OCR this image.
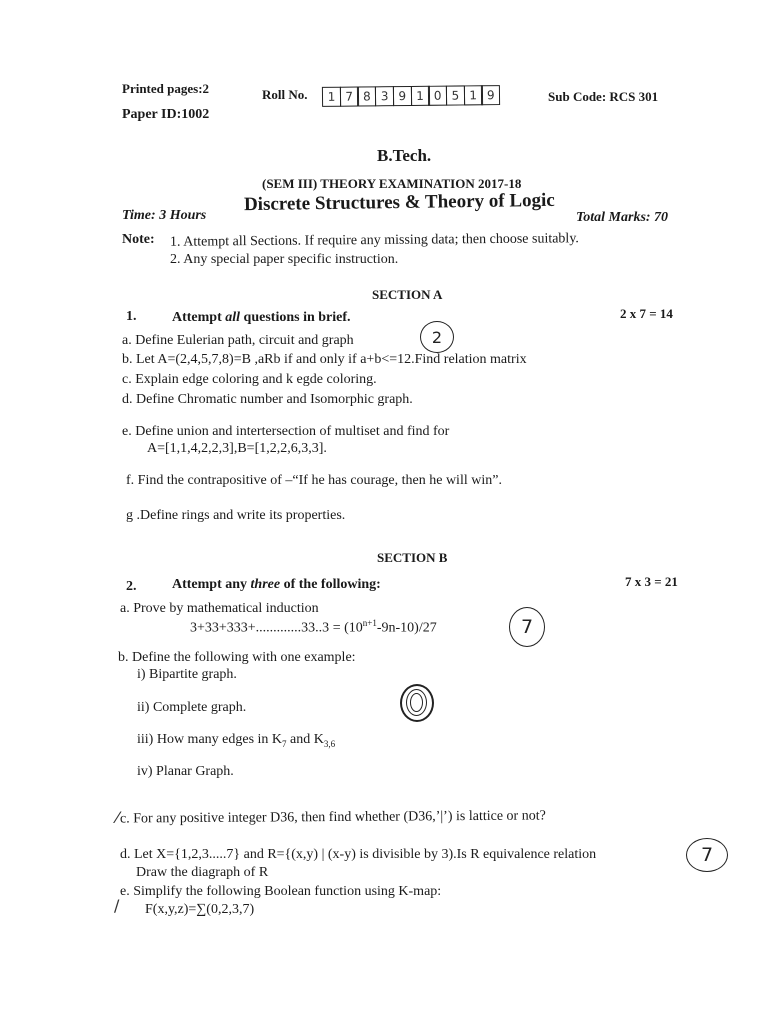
Printed pages:2
Paper ID:1002
Roll No.	1 7 8 3 9 1 0 5 1 9	Sub Code: RCS 301
B.Tech.
(SEM III) THEORY EXAMINATION 2017-18
Discrete Structures & Theory of Logic
Time: 3 Hours	Total Marks: 70
Note: 1. Attempt all Sections. If require any missing data; then choose suitably.
2. Any special paper specific instruction.
SECTION A
1.	Attempt all questions in brief.	2 x 7 = 14
a. Define Eulerian path, circuit and graph	2
b. Let A=(2,4,5,7,8)=B ,aRb if and only if a+b<=12.Find relation matrix
c. Explain edge coloring and k egde coloring.
d. Define Chromatic number and Isomorphic graph.
e. Define union and intertersection of multiset and find for
A=[1,1,4,2,2,3],B=[1,2,2,6,3,3].
f. Find the contrapositive of –“If he has courage, then he will win”.
g .Define rings and write its properties.
SECTION B
2.	Attempt any three of the following:	7 x 3 = 21
a. Prove by mathematical induction
$3+33+333+.............33..3 = (10^{n+1}-9n-10)/27$	7
b. Define the following with one example:
i) Bipartite graph.
ii) Complete graph.
iii) How many edges in $K_7$ and $K_{3,6}$
iv) Planar Graph.
c. For any positive integer D36, then find whether (D36,’|’) is lattice or not?
⁄
d. Let X={1,2,3.....7} and R={(x,y) | (x-y) is divisible by 3).Is R equivalence relation
Draw the diagraph of R
7
e. Simplify the following Boolean function using K-map:
F(x,y,z)=∑(0,2,3,7)
/
